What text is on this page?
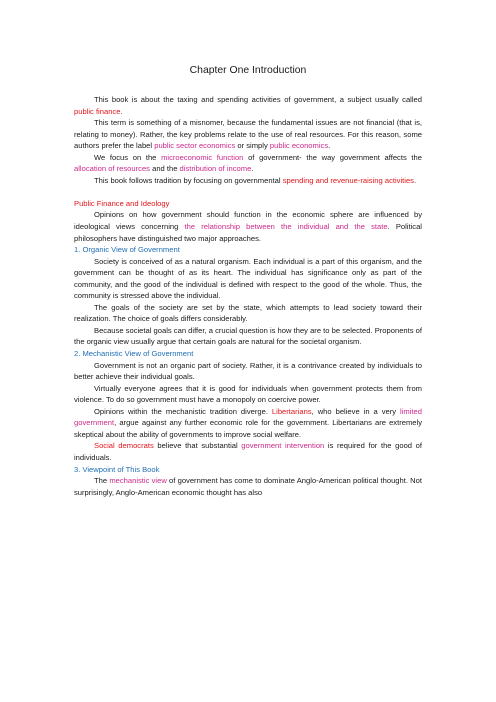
Chapter One Introduction

This book is about the taxing and spending activities of government, a subject usually called public finance.

This term is something of a misnomer, because the fundamental issues are not financial (that is, relating to money). Rather, the key problems relate to the use of real resources. For this reason, some authors prefer the label public sector economics or simply public economics.

We focus on the microeconomic function of government- the way government affects the allocation of resources and the distribution of income.

This book follows tradition by focusing on governmental spending and revenue-raising activities.

Public Finance and Ideology

Opinions on how government should function in the economic sphere are influenced by ideological views concerning the relationship between the individual and the state. Political philosophers have distinguished two major approaches.

1. Organic View of Government

Society is conceived of as a natural organism. Each individual is a part of this organism, and the government can be thought of as its heart. The individual has significance only as part of the community, and the good of the individual is defined with respect to the good of the whole. Thus, the community is stressed above the individual.

The goals of the society are set by the state, which attempts to lead society toward their realization. The choice of goals differs considerably.

Because societal goals can differ, a crucial question is how they are to be selected. Proponents of the organic view usually argue that certain goals are natural for the societal organism.

2. Mechanistic View of Government

Government is not an organic part of society. Rather, it is a contrivance created by individuals to better achieve their individual goals.

Virtually everyone agrees that it is good for individuals when government protects them from violence. To do so government must have a monopoly on coercive power.

Opinions within the mechanistic tradition diverge. Libertarians, who believe in a very limited government, argue against any further economic role for the government. Libertarians are extremely skeptical about the ability of governments to improve social welfare.

Social democrats believe that substantial government intervention is required for the good of individuals.

3. Viewpoint of This Book

The mechanistic view of government has come to dominate Anglo-American political thought. Not surprisingly, Anglo-American economic thought has also
